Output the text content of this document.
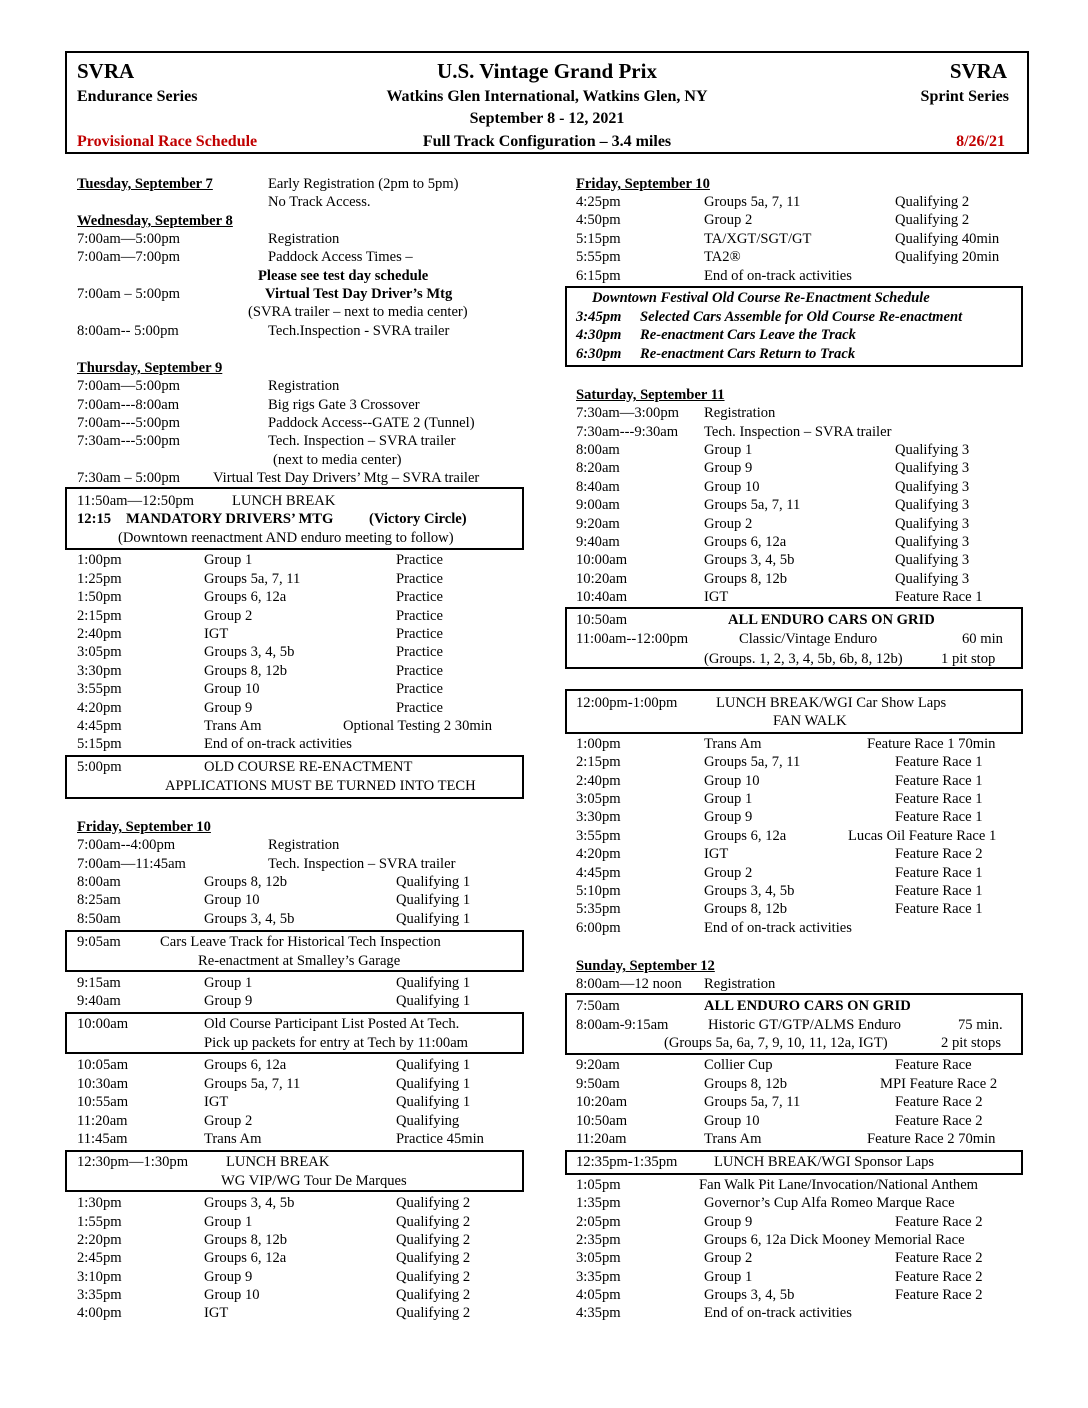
SVRA
Endurance Series
U.S. Vintage Grand Prix
Watkins Glen International, Watkins Glen, NY
September 8 - 12, 2021
Full Track Configuration – 3.4 miles
SVRA
Sprint Series
Provisional Race Schedule	8/26/21
Tuesday, September 7	Early Registration (2pm to 5pm)
No Track Access.
Wednesday, September 8
7:00am—5:00pm	Registration
7:00am—7:00pm	Paddock Access Times –
Please see test day schedule
7:00am – 5:00pm	Virtual Test Day Driver’s Mtg
(SVRA trailer – next to media center)
8:00am-- 5:00pm	Tech.Inspection - SVRA trailer
Thursday, September 9
7:00am—5:00pm	Registration
7:00am---8:00am	Big rigs Gate 3 Crossover
7:00am---5:00pm	Paddock Access--GATE 2 (Tunnel)
7:30am---5:00pm	Tech. Inspection – SVRA trailer
(next to media center)
7:30am – 5:00pm Virtual Test Day Drivers’ Mtg – SVRA trailer
11:50am—12:50pm	LUNCH BREAK
12:15 MANDATORY DRIVERS’ MTG (Victory Circle)
(Downtown reenactment AND enduro meeting to follow)
1:00pm	Group 1	Practice
1:25pm	Groups 5a, 7, 11	Practice
1:50pm	Groups 6, 12a	Practice
2:15pm	Group 2	Practice
2:40pm	IGT	Practice
3:05pm	Groups 3, 4, 5b	Practice
3:30pm	Groups 8, 12b	Practice
3:55pm	Group 10	Practice
4:20pm	Group 9	Practice
4:45pm	Trans Am	Optional Testing 2 30min
5:15pm	End of on-track activities
5:00pm	OLD COURSE RE-ENACTMENT
APPLICATIONS MUST BE TURNED INTO TECH
Friday, September 10
7:00am--4:00pm	Registration
7:00am—11:45am	Tech. Inspection – SVRA trailer
8:00am	Groups 8, 12b	Qualifying 1
8:25am	Group 10	Qualifying 1
8:50am	Groups 3, 4, 5b	Qualifying 1
9:05am	Cars Leave Track for Historical Tech Inspection
Re-enactment at Smalley’s Garage
9:15am	Group 1	Qualifying 1
9:40am	Group 9	Qualifying 1
10:00am	Old Course Participant List Posted At Tech.
Pick up packets for entry at Tech by 11:00am
10:05am	Groups 6, 12a	Qualifying 1
10:30am	Groups 5a, 7, 11	Qualifying 1
10:55am	IGT	Qualifying 1
11:20am	Group 2	Qualifying
11:45am	Trans Am	Practice 45min
12:30pm—1:30pm	LUNCH BREAK
WG VIP/WG Tour De Marques
1:30pm	Groups 3, 4, 5b	Qualifying 2
1:55pm	Group 1	Qualifying 2
2:20pm	Groups 8, 12b	Qualifying 2
2:45pm	Groups 6, 12a	Qualifying 2
3:10pm	Group 9	Qualifying 2
3:35pm	Group 10	Qualifying 2
4:00pm	IGT	Qualifying 2
Friday, September 10
4:25pm	Groups 5a, 7, 11	Qualifying 2
4:50pm	Group 2	Qualifying 2
5:15pm	TA/XGT/SGT/GT	Qualifying 40min
5:55pm	TA2®	Qualifying 20min
6:15pm	End of on-track activities
Downtown Festival Old Course Re-Enactment Schedule
3:45pm Selected Cars Assemble for Old Course Re-enactment
4:30pm Re-enactment Cars Leave the Track
6:30pm Re-enactment Cars Return to Track
Saturday, September 11
7:30am—3:00pm Registration
7:30am---9:30am Tech. Inspection – SVRA trailer
8:00am	Group 1	Qualifying 3
8:20am	Group 9	Qualifying 3
8:40am	Group 10	Qualifying 3
9:00am	Groups 5a, 7, 11	Qualifying 3
9:20am	Group 2	Qualifying 3
9:40am	Groups 6, 12a	Qualifying 3
10:00am	Groups 3, 4, 5b	Qualifying 3
10:20am	Groups 8, 12b	Qualifying 3
10:40am	IGT	Feature Race 1
10:50am	ALL ENDURO CARS ON GRID
11:00am--12:00pm	Classic/Vintage Enduro	60 min
(Groups. 1, 2, 3, 4, 5b, 6b, 8, 12b)	1 pit stop
12:00pm-1:00pm	LUNCH BREAK/WGI Car Show Laps
FAN WALK
1:00pm	Trans Am	Feature Race 1 70min
2:15pm	Groups 5a, 7, 11	Feature Race 1
2:40pm	Group 10	Feature Race 1
3:05pm	Group 1	Feature Race 1
3:30pm	Group 9	Feature Race 1
3:55pm	Groups 6, 12a	Lucas Oil Feature Race 1
4:20pm	IGT	Feature Race 2
4:45pm	Group 2	Feature Race 1
5:10pm	Groups 3, 4, 5b	Feature Race 1
5:35pm	Groups 8, 12b	Feature Race 1
6:00pm	End of on-track activities
Sunday, September 12
8:00am—12 noon Registration
7:50am	ALL ENDURO CARS ON GRID
8:00am-9:15am	Historic GT/GTP/ALMS Enduro	75 min.
(Groups 5a, 6a, 7, 9, 10, 11, 12a, IGT)	2 pit stops
9:20am	Collier Cup	Feature Race
9:50am	Groups 8, 12b	MPI Feature Race 2
10:20am	Groups 5a, 7, 11	Feature Race 2
10:50am	Group 10	Feature Race 2
11:20am	Trans Am	Feature Race 2 70min
12:35pm-1:35pm	LUNCH BREAK/WGI Sponsor Laps
1:05pm	Fan Walk Pit Lane/Invocation/National Anthem
1:35pm	Governor’s Cup Alfa Romeo Marque Race
2:05pm	Group 9	Feature Race 2
2:35pm	Groups 6, 12a Dick Mooney Memorial Race
3:05pm	Group 2	Feature Race 2
3:35pm	Group 1	Feature Race 2
4:05pm	Groups 3, 4, 5b	Feature Race 2
4:35pm	End of on-track activities
